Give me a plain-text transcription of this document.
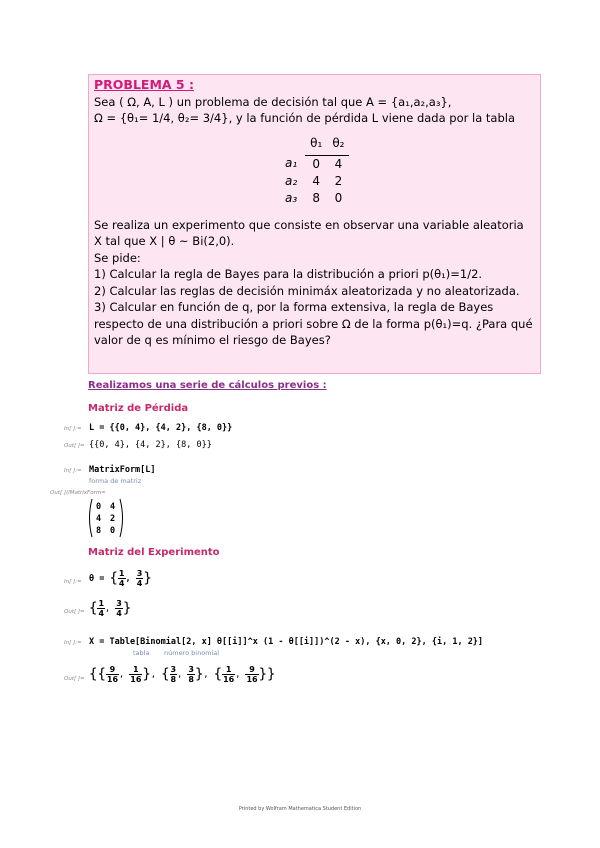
PROBLEMA 5 :
Sea ( Ω, A, L ) un problema de decisión tal que A = {a₁,a₂,a₃},
Ω = {θ₁= 1/4, θ₂= 3/4}, y la función de pérdida L viene dada por la tabla
	θ₁	θ₂
a₁	0	4
a₂	4	2
a₃	8	0
Se realiza un experimento que consiste en observar una variable aleatoria X tal que X | θ ~ Bi(2,0).
Se pide:
1) Calcular la regla de Bayes para la distribución a priori p(θ₁)=1/2.
2) Calcular las reglas de decisión minimáx aleatorizada y no aleatorizada.
3) Calcular en función de q, por la forma extensiva, la regla de Bayes respecto de una distribución a priori sobre Ω de la forma p(θ₁)=q. ¿Para qué valor de q es mínimo el riesgo de Bayes?
Realizamos una serie de cálculos previos :
Matriz de Pérdida
In[ ]:= L = {{0, 4}, {4, 2}, {8, 0}}
Out[ ]= {{0, 4}, {4, 2}, {8, 0}}
In[ ]:= MatrixForm[L]
forma de matriz
Out[ ]//MatrixForm=
0 4
4 2
8 0
Matriz del Experimento
In[ ]:= θ = { $\frac{1}{4}$ , $\frac{3}{4}$ }
Out[ ]= { $\frac{1}{4}$ , $\frac{3}{4}$ }
In[ ]:= X = Table[Binomial[2, x] θ[[i]]^x (1 - θ[[i]])^(2 - x), {x, 0, 2}, {i, 1, 2}]
tabla número binomial
Out[ ]= {{ $\frac{9}{16}$ , $\frac{1}{16}$ }, { $\frac{3}{8}$ , $\frac{3}{8}$ }, { $\frac{1}{16}$ , $\frac{9}{16}$ }}
Printed by Wolfram Mathematica Student Edition
